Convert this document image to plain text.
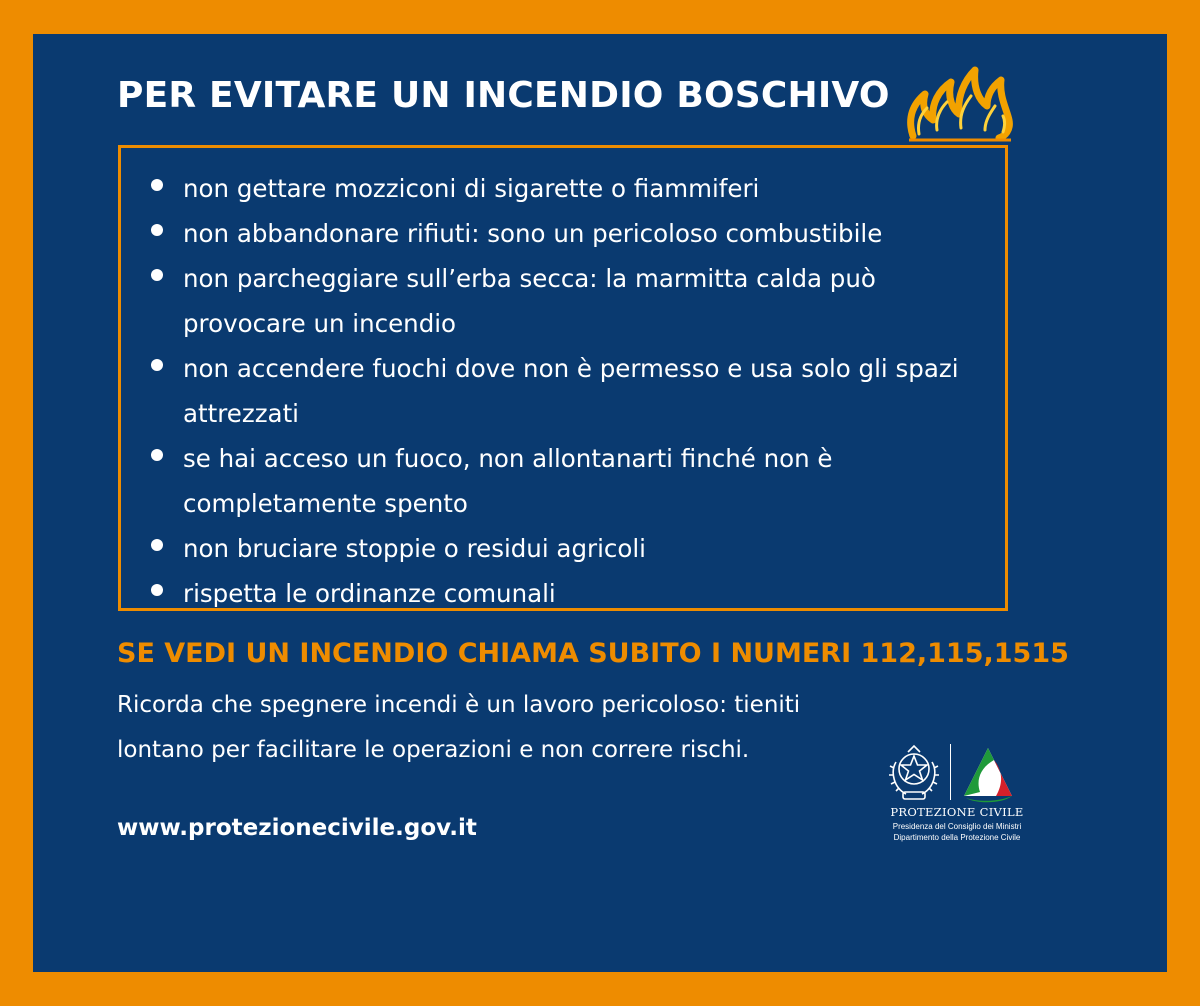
PER EVITARE UN INCENDIO BOSCHIVO
non gettare mozziconi di sigarette o fiammiferi
non abbandonare rifiuti: sono un pericoloso combustibile
non parcheggiare sull’erba secca: la marmitta calda può provocare un incendio
non accendere fuochi dove non è permesso e usa solo gli spazi attrezzati
se hai acceso un fuoco, non allontanarti finché non è completamente spento
non bruciare stoppie o residui agricoli
rispetta le ordinanze comunali

SE VEDI UN INCENDIO CHIAMA SUBITO I NUMERI 112,115,1515

Ricorda che spegnere incendi è un lavoro pericoloso: tieniti lontano per facilitare le operazioni e non correre rischi.

www.protezionecivile.gov.it

PROTEZIONE CIVILE

Presidenza del Consiglio dei Ministri

Dipartimento della Protezione Civile
